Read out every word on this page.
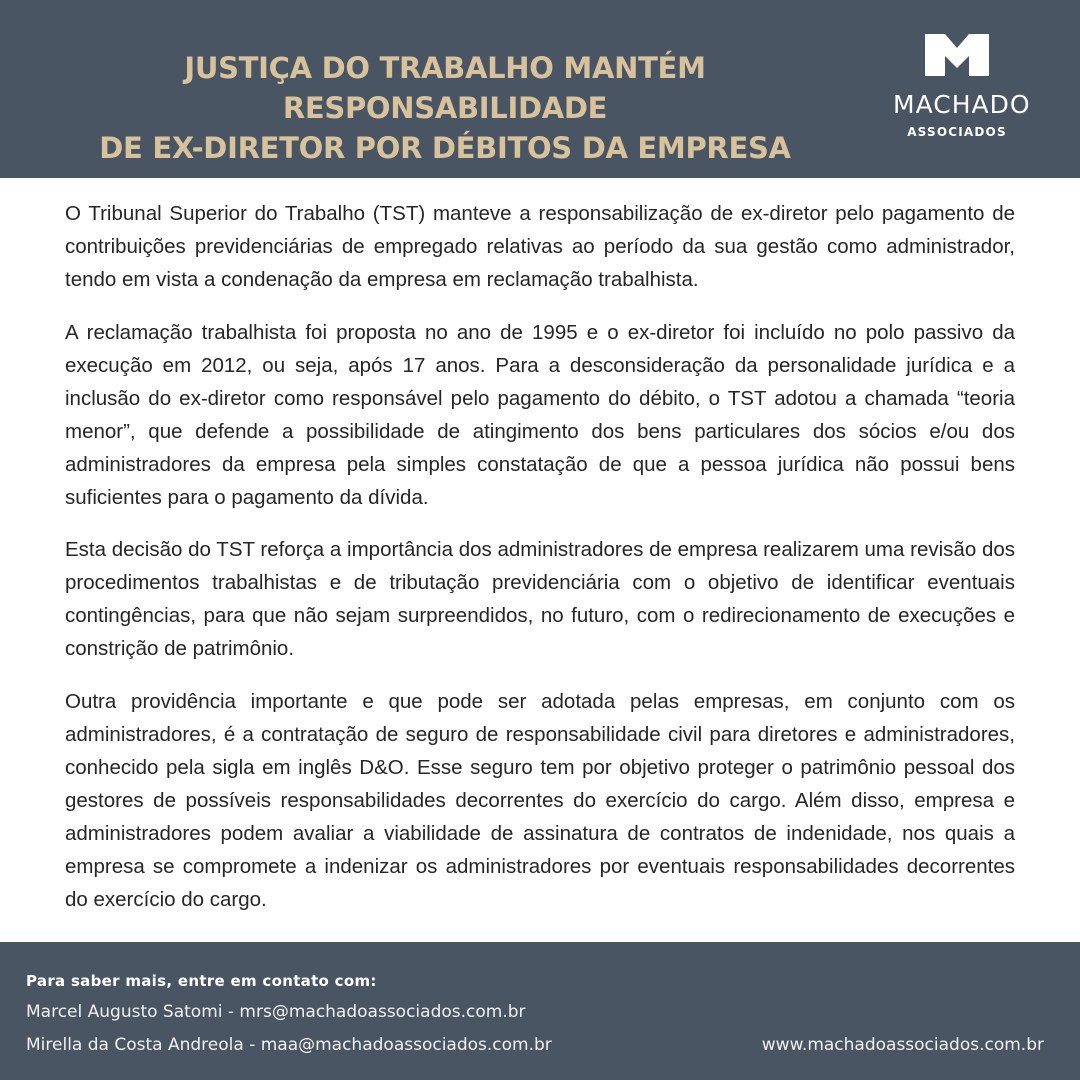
JUSTIÇA DO TRABALHO MANTÉM RESPONSABILIDADE
DE EX-DIRETOR POR DÉBITOS DA EMPRESA
MACHADO
ASSOCIADOS

O Tribunal Superior do Trabalho (TST) manteve a responsabilização de ex-diretor pelo pagamento de contribuições previdenciárias de empregado relativas ao período da sua gestão como administrador, tendo em vista a condenação da empresa em reclamação trabalhista.

A reclamação trabalhista foi proposta no ano de 1995 e o ex-diretor foi incluído no polo passivo da execução em 2012, ou seja, após 17 anos. Para a desconsideração da personalidade jurídica e a inclusão do ex-diretor como responsável pelo pagamento do débito, o TST adotou a chamada “teoria menor”, que defende a possibilidade de atingimento dos bens particulares dos sócios e/ou dos administradores da empresa pela simples constatação de que a pessoa jurídica não possui bens suficientes para o pagamento da dívida.

Esta decisão do TST reforça a importância dos administradores de empresa realizarem uma revisão dos procedimentos trabalhistas e de tributação previdenciária com o objetivo de identificar eventuais contingências, para que não sejam surpreendidos, no futuro, com o redirecionamento de execuções e constrição de patrimônio.

Outra providência importante e que pode ser adotada pelas empresas, em conjunto com os administradores, é a contratação de seguro de responsabilidade civil para diretores e administradores, conhecido pela sigla em inglês D&O. Esse seguro tem por objetivo proteger o patrimônio pessoal dos gestores de possíveis responsabilidades decorrentes do exercício do cargo. Além disso, empresa e administradores podem avaliar a viabilidade de assinatura de contratos de indenidade, nos quais a empresa se compromete a indenizar os administradores por eventuais responsabilidades decorrentes do exercício do cargo.

Para saber mais, entre em contato com:
Marcel Augusto Satomi - mrs@machadoassociados.com.br
Mirella da Costa Andreola - maa@machadoassociados.com.br	www.machadoassociados.com.br
